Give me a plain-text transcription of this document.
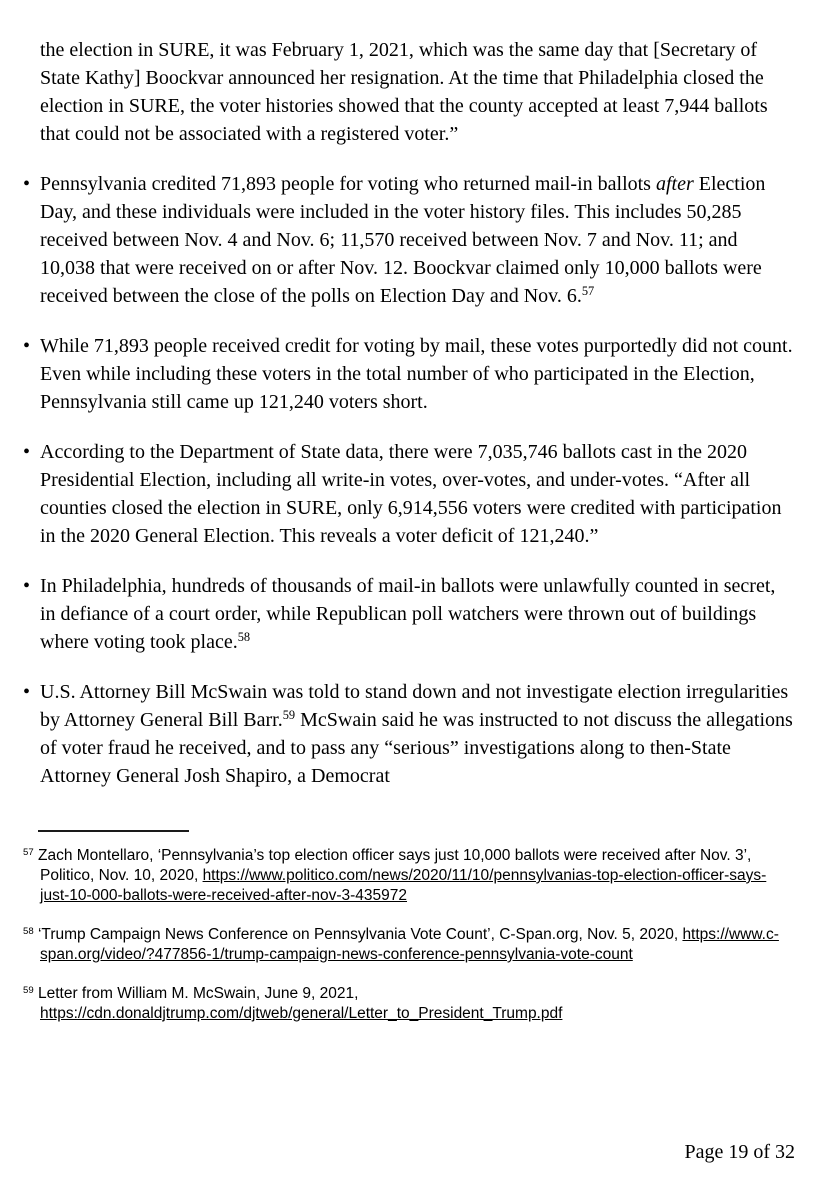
the election in SURE, it was February 1, 2021, which was the same day that [Secretary of State Kathy] Boockvar announced her resignation. At the time that Philadelphia closed the election in SURE, the voter histories showed that the county accepted at least 7,944 ballots that could not be associated with a registered voter.”

• Pennsylvania credited 71,893 people for voting who returned mail-in ballots after Election Day, and these individuals were included in the voter history files. This includes 50,285 received between Nov. 4 and Nov. 6; 11,570 received between Nov. 7 and Nov. 11; and 10,038 that were received on or after Nov. 12. Boockvar claimed only 10,000 ballots were received between the close of the polls on Election Day and Nov. 6.57
• While 71,893 people received credit for voting by mail, these votes purportedly did not count. Even while including these voters in the total number of who participated in the Election, Pennsylvania still came up 121,240 voters short.
• According to the Department of State data, there were 7,035,746 ballots cast in the 2020 Presidential Election, including all write-in votes, over-votes, and under-votes. “After all counties closed the election in SURE, only 6,914,556 voters were credited with participation in the 2020 General Election. This reveals a voter deficit of 121,240.”
• In Philadelphia, hundreds of thousands of mail-in ballots were unlawfully counted in secret, in defiance of a court order, while Republican poll watchers were thrown out of buildings where voting took place.$^{58}$
• U.S. Attorney Bill McSwain was told to stand down and not investigate election irregularities by Attorney General Bill Barr.$^{59}$ McSwain said he was instructed to not discuss the allegations of voter fraud he received, and to pass any “serious” investigations along to then-State Attorney General Josh Shapiro, a Democrat

$^{57}$ Zach Montellaro, ‘Pennsylvania’s top election officer says just 10,000 ballots were received after Nov. 3’, Politico, Nov. 10, 2020, https://www.politico.com/news/2020/11/10/pennsylvanias-top-election-officer-says-just-10-000-ballots-were-received-after-nov-3-435972

$^{58}$ ‘Trump Campaign News Conference on Pennsylvania Vote Count’, C-Span.org, Nov. 5, 2020, https://www.c-span.org/video/?477856-1/trump-campaign-news-conference-pennsylvania-vote-count

$^{59}$ Letter from William M. McSwain, June 9, 2021, https://cdn.donaldjtrump.com/djtweb/general/Letter_to_President_Trump.pdf

Page 19 of 32
